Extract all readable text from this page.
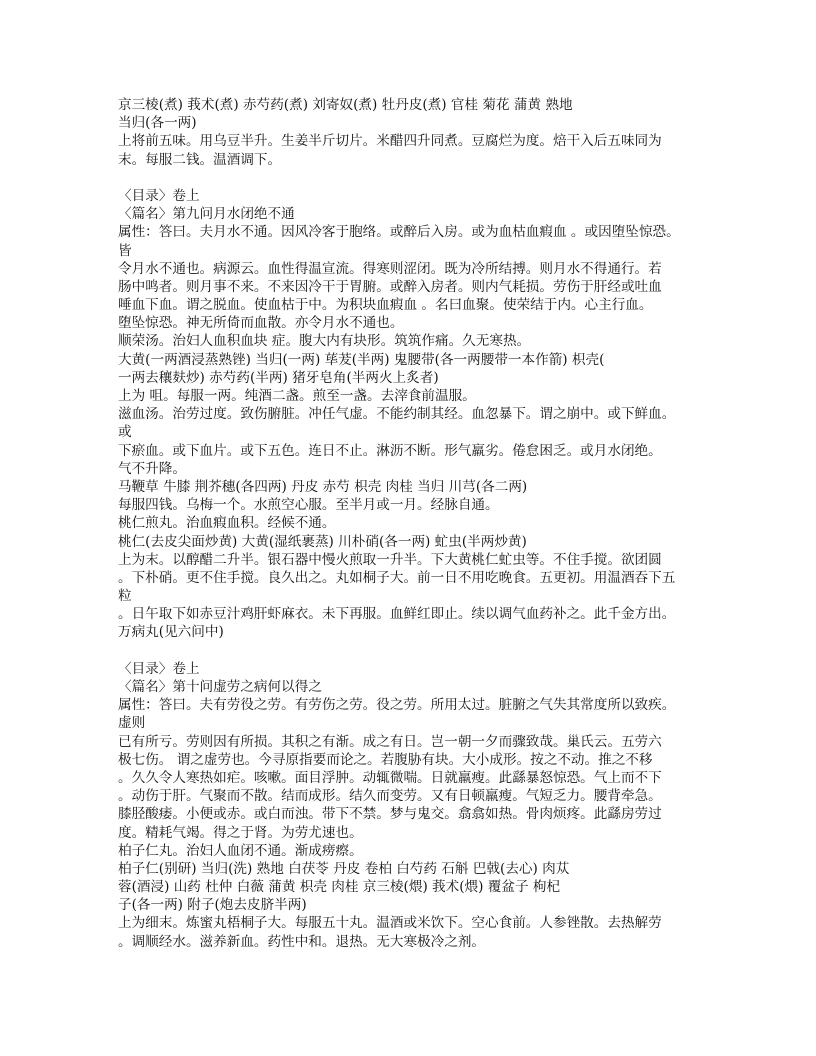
京三棱(煮) 莪术(煮) 赤芍药(煮) 刘寄奴(煮) 牡丹皮(煮) 官桂 菊花 蒲黄 熟地
当归(各一两)
上将前五味。用乌豆半升。生姜半斤切片。米醋四升同煮。豆腐烂为度。焙干入后五味同为
末。每服二钱。温酒调下。
〈目录〉卷上
〈篇名〉第九问月水闭绝不通
属性：答曰。夫月水不通。因风冷客于胞络。或醉后入房。或为血枯血瘕血 。或因堕坠惊恐。
皆
令月水不通也。病源云。血性得温宣流。得寒则涩闭。既为冷所结搏。则月水不得通行。若
肠中鸣者。则月事不来。不来因冷干于胃腑。或醉入房者。则内气耗损。劳伤于肝经或吐血
唾血下血。谓之脱血。使血枯于中。为积块血瘕血 。名曰血聚。使荣结于内。心主行血。
堕坠惊恐。神无所倚而血散。亦令月水不通也。
顺荣汤。治妇人血积血块 症。腹大内有块形。筑筑作痛。久无寒热。
大黄(一两酒浸蒸熟锉) 当归(一两) 荜茇(半两) 鬼腰带(各一两腰带一本作箭) 枳壳(
一两去穰麸炒) 赤芍药(半两) 猪牙皂角(半两火上炙者)
上为 咀。每服一两。纯酒二盏。煎至一盏。去滓食前温服。
滋血汤。治劳过度。致伤腑脏。冲任气虚。不能约制其经。血忽暴下。谓之崩中。或下鲜血。
或
下瘀血。或下血片。或下五色。连日不止。淋沥不断。形气羸劣。倦怠困乏。或月水闭绝。
气不升降。
马鞭草 牛膝 荆芥穗(各四两) 丹皮 赤芍 枳壳 肉桂 当归 川芎(各二两)
每服四钱。乌梅一个。水煎空心服。至半月或一月。经脉自通。
桃仁煎丸。治血瘕血积。经候不通。
桃仁(去皮尖面炒黄) 大黄(湿纸裹蒸) 川朴硝(各一两) 虻虫(半两炒黄)
上为末。以醇醋二升半。银石器中慢火煎取一升半。下大黄桃仁虻虫等。不住手搅。欲团圆
。下朴硝。更不住手搅。良久出之。丸如桐子大。前一日不用吃晚食。五更初。用温酒吞下五
粒
。日午取下如赤豆汁鸡肝虾麻衣。未下再服。血鲜红即止。续以调气血药补之。此千金方出。
万病丸(见六问中)
〈目录〉卷上
〈篇名〉第十问虚劳之病何以得之
属性：答曰。夫有劳役之劳。有劳伤之劳。役之劳。所用太过。脏腑之气失其常度所以致疾。
虚则
已有所亏。劳则因有所损。其积之有渐。成之有日。岂一朝一夕而骤致哉。巢氏云。五劳六
极七伤。 谓之虚劳也。今寻原指要而论之。若腹胁有块。大小成形。按之不动。推之不移
。久久令人寒热如疟。咳嗽。面目浮肿。动辄微喘。日就羸瘦。此繇暴怒惊恐。气上而不下
。动伤于肝。气聚而不散。结而成形。结久而变劳。又有日顿羸瘦。气短乏力。腰背牵急。
膝胫酸痿。小便或赤。或白而浊。带下不禁。梦与鬼交。翕翕如热。骨肉烦疼。此繇房劳过
度。精耗气竭。得之于肾。为劳尤速也。
柏子仁丸。治妇人血闭不通。渐成痨瘵。
柏子仁(别研) 当归(洗) 熟地 白茯苓 丹皮 卷柏 白芍药 石斛 巴戟(去心) 肉苁
蓉(酒浸) 山药 杜仲 白薇 蒲黄 枳壳 肉桂 京三棱(煨) 莪术(煨) 覆盆子 枸杞
子(各一两) 附子(炮去皮脐半两)
上为细末。炼蜜丸梧桐子大。每服五十丸。温酒或米饮下。空心食前。人参锉散。去热解劳
。调顺经水。滋养新血。药性中和。退热。无大寒极冷之剂。
